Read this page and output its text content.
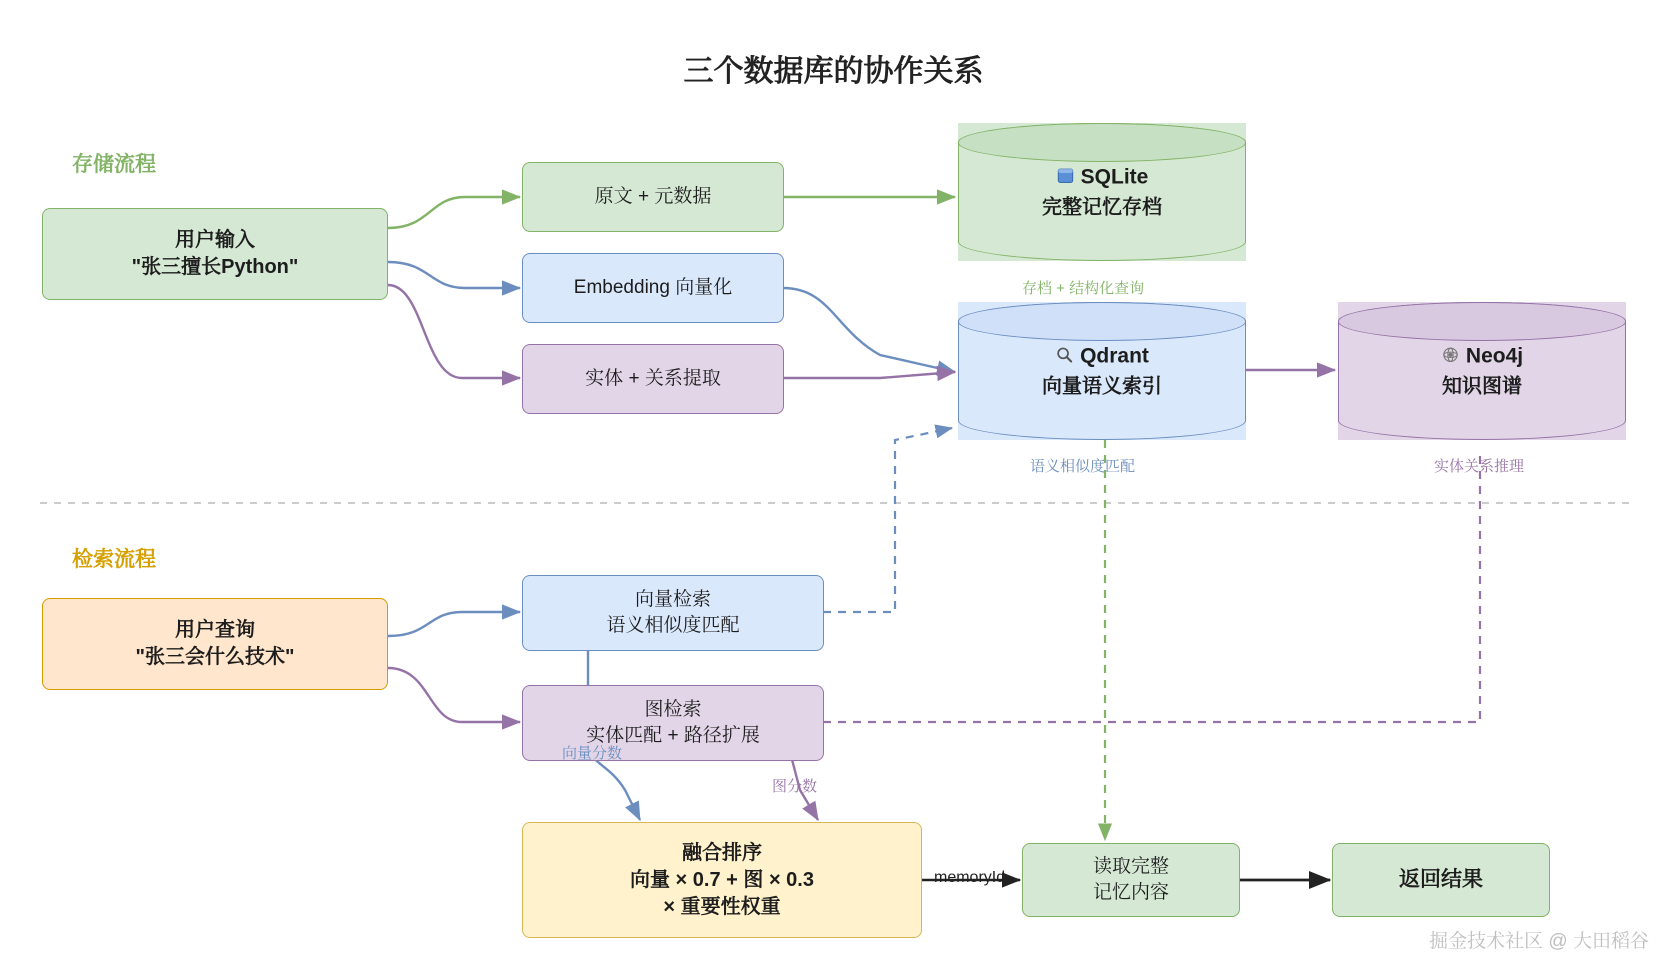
三个数据库的协作关系
存储流程
检索流程
用户输入
"张三擅长Python"
原文 + 元数据
Embedding 向量化
实体 + 关系提取
SQLite
完整记忆存档
存档 + 结构化查询
Qdrant
向量语义索引
语义相似度匹配
Neo4j
知识图谱
实体关系推理
用户查询
"张三会什么技术"
向量检索
语义相似度匹配
图检索
实体匹配 + 路径扩展
向量分数
图分数
融合排序
向量 × 0.7 + 图 × 0.3
× 重要性权重
memoryId
读取完整
记忆内容
返回结果
掘金技术社区 @ 大田稻谷
